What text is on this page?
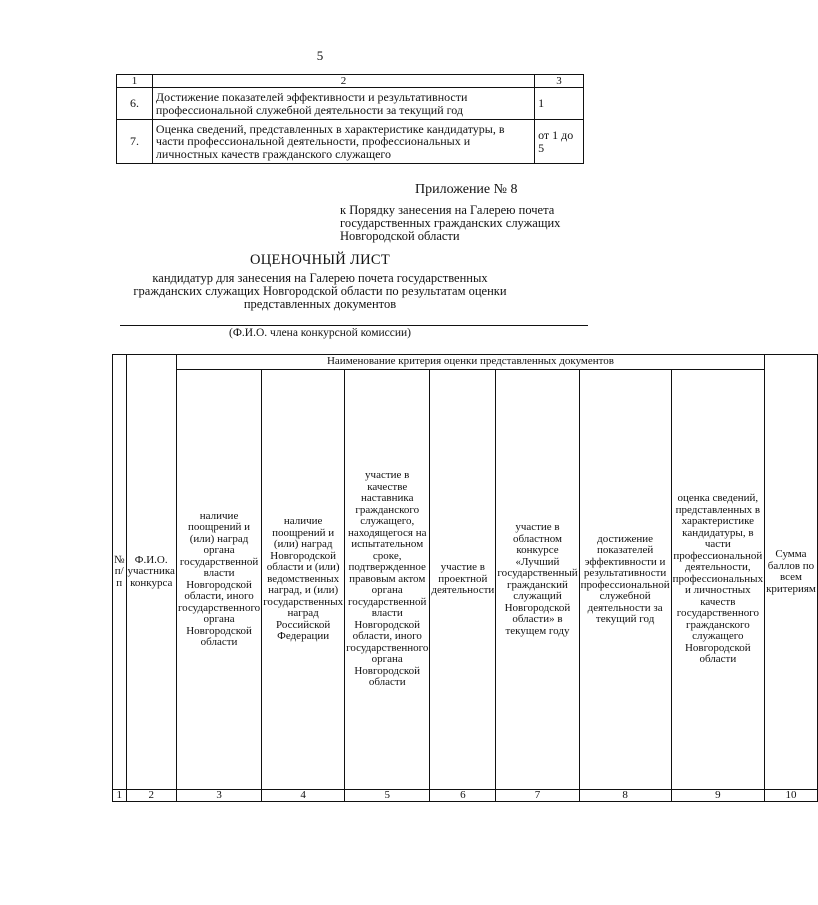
5
1	2	3
6.	Достижение показателей эффективности и результативности профессиональной служебной деятельности за текущий год	1
7.	Оценка сведений, представленных в характеристике кандидатуры, в части профессиональной деятельности, профессиональных и личностных качеств гражданского служащего	от 1 до 5
Приложение № 8
к Порядку занесения на Галерею почета государственных гражданских служащих Новгородской области
ОЦЕНОЧНЫЙ ЛИСТ
кандидатур для занесения на Галерею почета государственных гражданских служащих Новгородской области по результатам оценки представленных документов
(Ф.И.О. члена конкурсной комиссии)
№ п/п	Ф.И.О. участника конкурса	Наименование критерия оценки представленных документов							Сумма баллов по всем критериям
		наличие поощрений и (или) наград органа государственной власти Новгородской области, иного государственного органа Новгородской области	наличие поощрений и (или) наград Новгородской области и (или) ведомственных наград, и (или) государственных наград Российской Федерации	участие в качестве наставника гражданского служащего, находящегося на испытательном сроке, подтвержденное правовым актом органа государственной власти Новгородской области, иного государственного органа Новгородской области	участие в проектной деятельности	участие в областном конкурсе «Лучший государственный гражданский служащий Новгородской области» в текущем году	достижение показателей эффективности и результативности профессиональной служебной деятельности за текущий год	оценка сведений, представленных в характеристике кандидатуры, в части профессиональной деятельности, профессиональных и личностных качеств государственного гражданского служащего Новгородской области	
1	2	3	4	5	6	7	8	9	10
